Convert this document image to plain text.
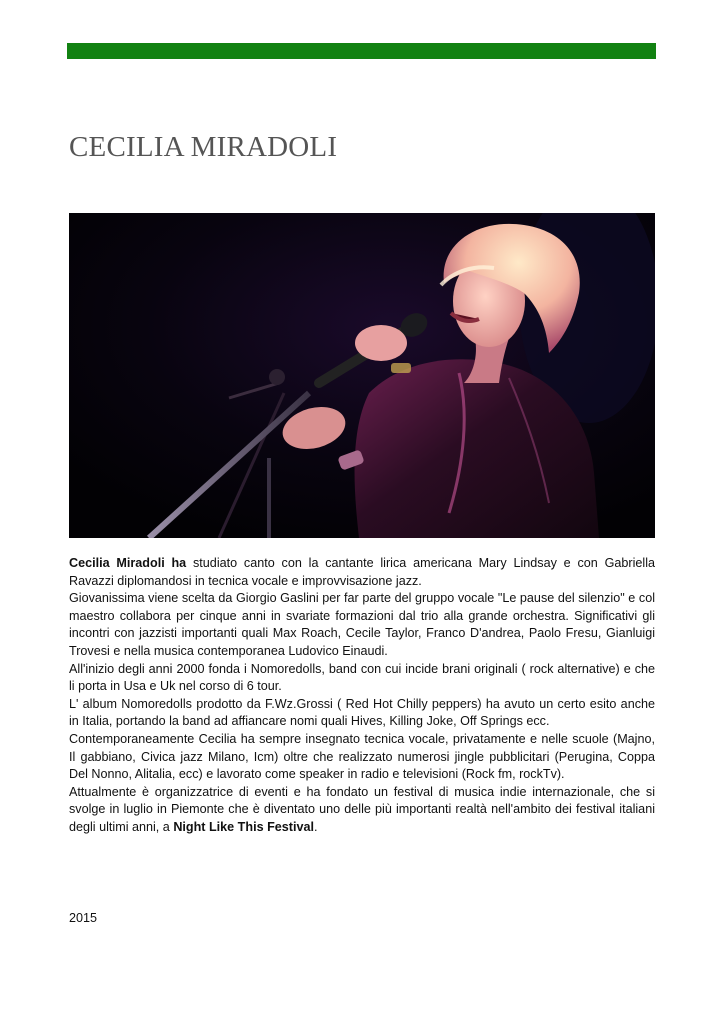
CECILIA MIRADOLI

Cecilia Miradoli ha studiato canto con la cantante lirica americana Mary Lindsay e con Gabriella Ravazzi diplomandosi in tecnica vocale e improvvisazione jazz.

Giovanissima viene scelta da Giorgio Gaslini per far parte del gruppo vocale "Le pause del silenzio" e col maestro collabora per cinque anni in svariate formazioni dal trio alla grande orchestra. Significativi gli incontri con jazzisti importanti quali Max Roach, Cecile Taylor, Franco D'andrea, Paolo Fresu, Gianluigi Trovesi e nella musica contemporanea Ludovico Einaudi.

All'inizio degli anni 2000 fonda i Nomoredolls, band con cui incide brani originali ( rock alternative) e che li porta in Usa e Uk nel corso di 6 tour.

L' album Nomoredolls prodotto da F.Wz.Grossi ( Red Hot Chilly peppers) ha avuto un certo esito anche in Italia, portando la band ad affiancare nomi quali Hives, Killing Joke, Off Springs ecc.

Contemporaneamente Cecilia ha sempre insegnato tecnica vocale, privatamente e nelle scuole (Majno, Il gabbiano, Civica jazz Milano, Icm) oltre che realizzato numerosi jingle pubblicitari (Perugina, Coppa Del Nonno, Alitalia, ecc) e lavorato come speaker in radio e televisioni (Rock fm, rockTv).

Attualmente è organizzatrice di eventi e ha fondato un festival di musica indie internazionale, che si svolge in luglio in Piemonte che è diventato uno delle più importanti realtà nell'ambito dei festival italiani degli ultimi anni, a Night Like This Festival.

2015
